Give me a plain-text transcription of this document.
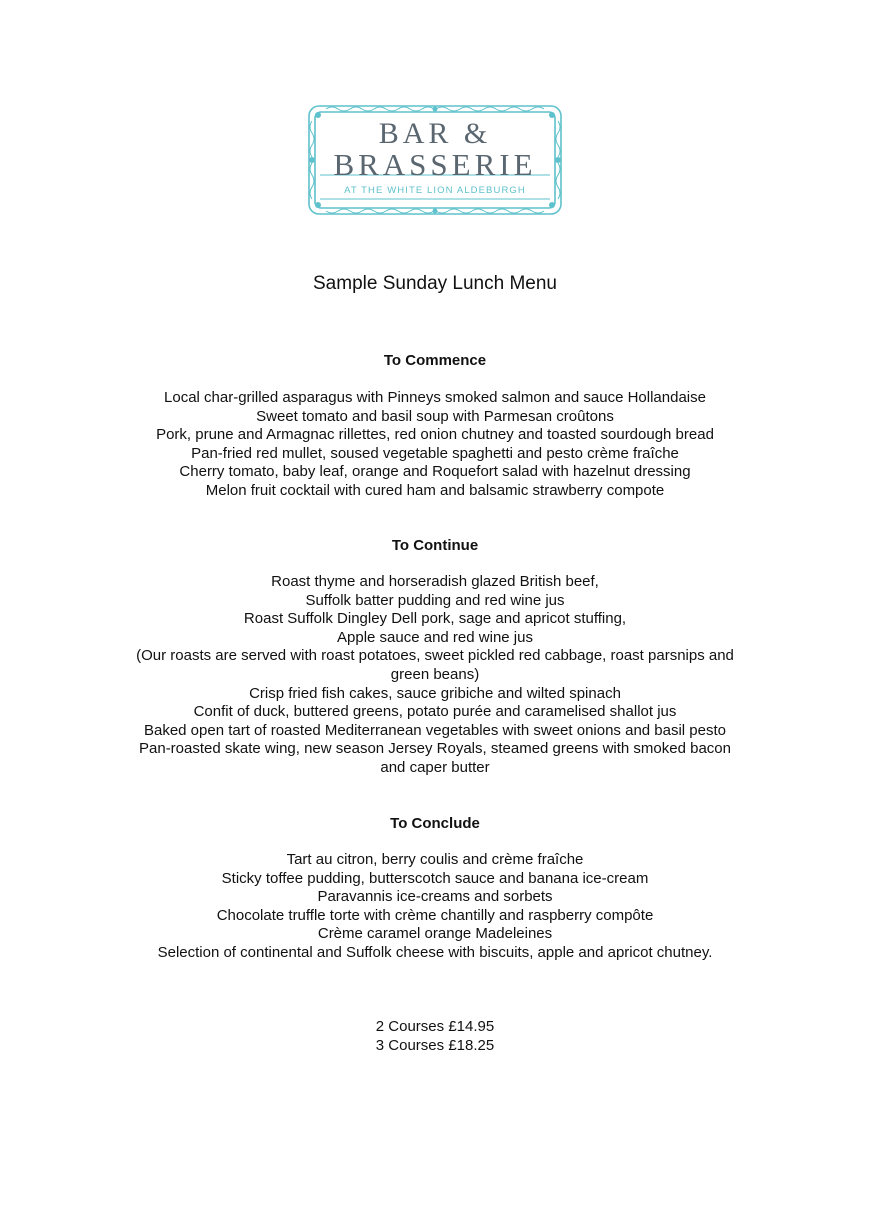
BAR &
BRASSERIE
AT THE WHITE LION ALDEBURGH
Sample Sunday Lunch Menu
To Commence
Local char-grilled asparagus with Pinneys smoked salmon and sauce Hollandaise
Sweet tomato and basil soup with Parmesan croûtons
Pork, prune and Armagnac rillettes, red onion chutney and toasted sourdough bread
Pan-fried red mullet, soused vegetable spaghetti and pesto crème fraîche
Cherry tomato, baby leaf, orange and Roquefort salad with hazelnut dressing
Melon fruit cocktail with cured ham and balsamic strawberry compote
To Continue
Roast thyme and horseradish glazed British beef,
Suffolk batter pudding and red wine jus
Roast Suffolk Dingley Dell pork, sage and apricot stuffing,
Apple sauce and red wine jus
(Our roasts are served with roast potatoes, sweet pickled red cabbage, roast parsnips and
green beans)
Crisp fried fish cakes, sauce gribiche and wilted spinach
Confit of duck, buttered greens, potato purée and caramelised shallot jus
Baked open tart of roasted Mediterranean vegetables with sweet onions and basil pesto
Pan-roasted skate wing, new season Jersey Royals, steamed greens with smoked bacon
and caper butter
To Conclude
Tart au citron, berry coulis and crème fraîche
Sticky toffee pudding, butterscotch sauce and banana ice-cream
Paravannis ice-creams and sorbets
Chocolate truffle torte with crème chantilly and raspberry compôte
Crème caramel orange Madeleines
Selection of continental and Suffolk cheese with biscuits, apple and apricot chutney.
2 Courses £14.95
3 Courses £18.25
